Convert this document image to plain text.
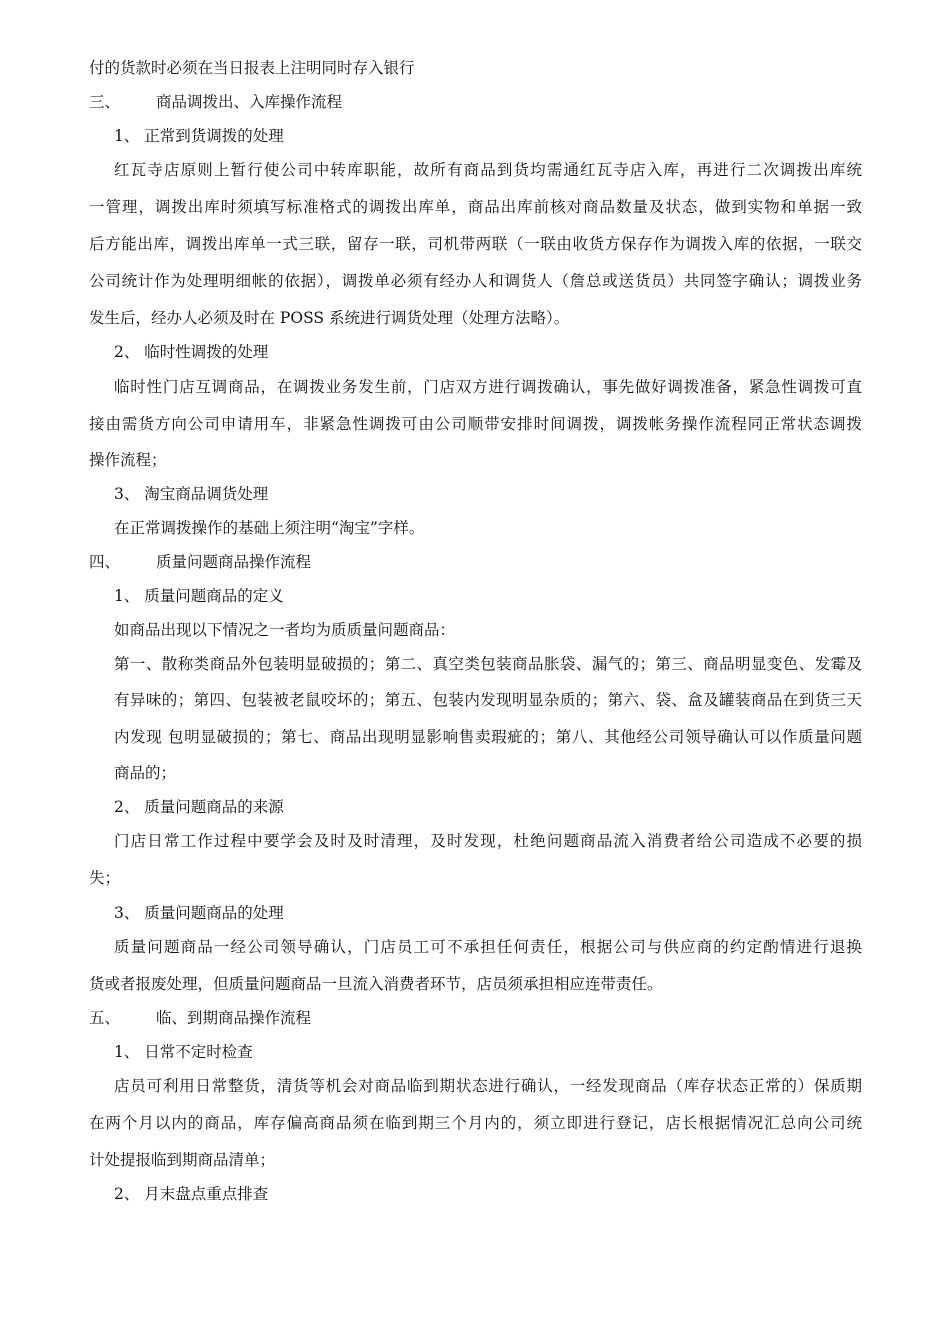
付的货款时必须在当日报表上注明同时存入银行
三、 商品调拨出、入库操作流程
1、 正常到货调拨的处理
红瓦寺店原则上暂行使公司中转库职能，故所有商品到货均需通红瓦寺店入库，再进行二次调拨出库统
一管理，调拨出库时须填写标准格式的调拨出库单，商品出库前核对商品数量及状态，做到实物和单据一致
后方能出库，调拨出库单一式三联，留存一联，司机带两联（一联由收货方保存作为调拨入库的依据，一联交
公司统计作为处理明细帐的依据），调拨单必须有经办人和调货人（詹总或送货员）共同签字确认；调拨业务
发生后，经办人必须及时在 POSS 系统进行调货处理（处理方法略）。
2、 临时性调拨的处理
临时性门店互调商品，在调拨业务发生前，门店双方进行调拨确认，事先做好调拨准备，紧急性调拨可直
接由需货方向公司申请用车，非紧急性调拨可由公司顺带安排时间调拨，调拨帐务操作流程同正常状态调拨
操作流程；
3、 淘宝商品调货处理
在正常调拨操作的基础上须注明“淘宝”字样。
四、 质量问题商品操作流程
1、 质量问题商品的定义
如商品出现以下情况之一者均为质质量问题商品：
第一、散称类商品外包装明显破损的；第二、真空类包装商品胀袋、漏气的；第三、商品明显变色、发霉及
有异味的；第四、包装被老鼠咬坏的；第五、包装内发现明显杂质的；第六、袋、盒及罐装商品在到货三天
内发现 包明显破损的；第七、商品出现明显影响售卖瑕疵的；第八、其他经公司领导确认可以作质量问题
商品的；
2、 质量问题商品的来源
门店日常工作过程中要学会及时及时清理，及时发现，杜绝问题商品流入消费者给公司造成不必要的损
失；
3、 质量问题商品的处理
质量问题商品一经公司领导确认，门店员工可不承担任何责任，根据公司与供应商的约定酌情进行退换
货或者报废处理，但质量问题商品一旦流入消费者环节，店员须承担相应连带责任。
五、 临、到期商品操作流程
1、 日常不定时检查
店员可利用日常整货，清货等机会对商品临到期状态进行确认，一经发现商品（库存状态正常的）保质期
在两个月以内的商品，库存偏高商品须在临到期三个月内的，须立即进行登记，店长根据情况汇总向公司统
计处提报临到期商品清单；
2、 月末盘点重点排查
